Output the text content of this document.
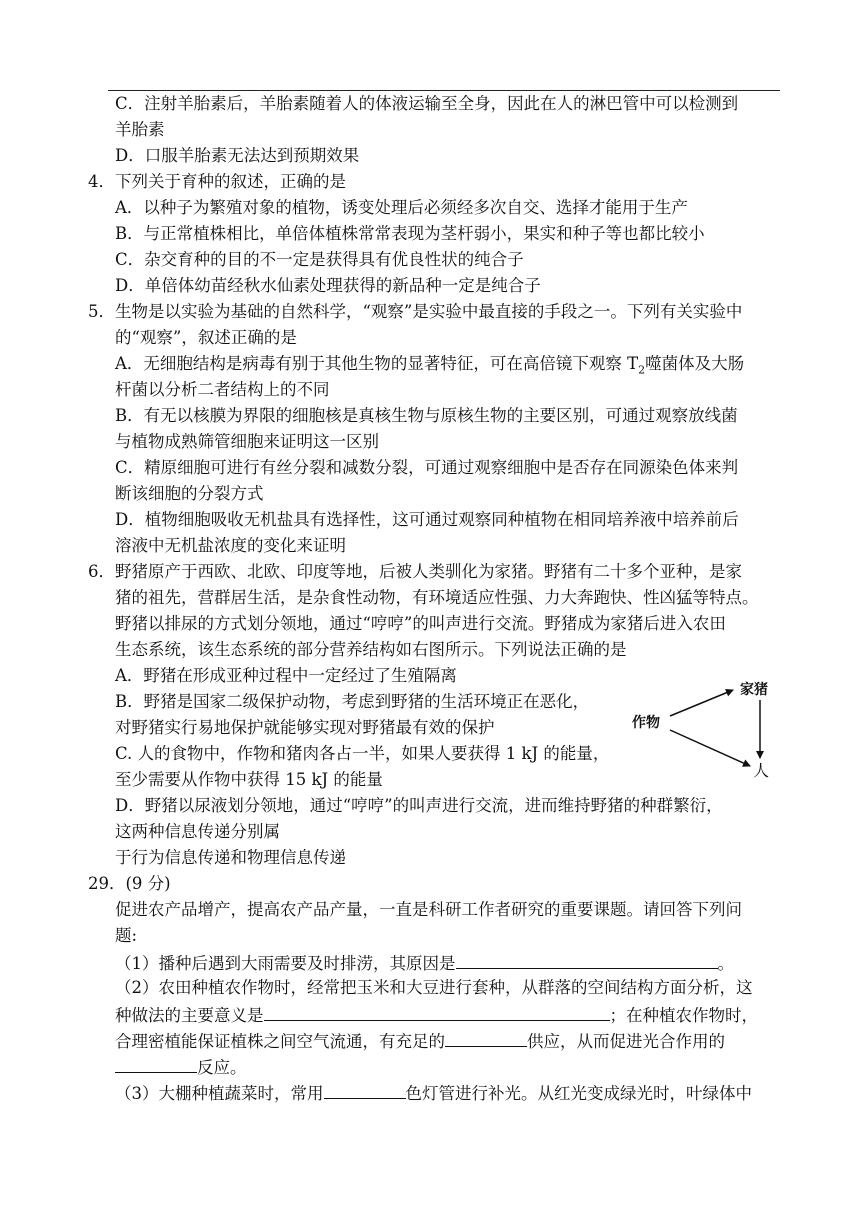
C．注射羊胎素后，羊胎素随着人的体液运输至全身，因此在人的淋巴管中可以检测到
羊胎素
D．口服羊胎素无法达到预期效果
4．下列关于育种的叙述，正确的是
A．以种子为繁殖对象的植物，诱变处理后必须经多次自交、选择才能用于生产
B．与正常植株相比，单倍体植株常常表现为茎杆弱小，果实和种子等也都比较小
C．杂交育种的目的不一定是获得具有优良性状的纯合子
D．单倍体幼苗经秋水仙素处理获得的新品种一定是纯合子
5．生物是以实验为基础的自然科学，“观察”是实验中最直接的手段之一。下列有关实验中
的“观察”，叙述正确的是
A．无细胞结构是病毒有别于其他生物的显著特征，可在高倍镜下观察 $T_2$噬菌体及大肠
杆菌以分析二者结构上的不同
B．有无以核膜为界限的细胞核是真核生物与原核生物的主要区别，可通过观察放线菌
与植物成熟筛管细胞来证明这一区别
C．精原细胞可进行有丝分裂和减数分裂，可通过观察细胞中是否存在同源染色体来判
断该细胞的分裂方式
D．植物细胞吸收无机盐具有选择性，这可通过观察同种植物在相同培养液中培养前后
溶液中无机盐浓度的变化来证明
6．野猪原产于西欧、北欧、印度等地，后被人类驯化为家猪。野猪有二十多个亚种，是家
猪的祖先，营群居生活，是杂食性动物，有环境适应性强、力大奔跑快、性凶猛等特点。
野猪以排尿的方式划分领地，通过“哼哼”的叫声进行交流。野猪成为家猪后进入农田
生态系统，该生态系统的部分营养结构如右图所示。下列说法正确的是
A．野猪在形成亚种过程中一定经过了生殖隔离
B．野猪是国家二级保护动物，考虑到野猪的生活环境正在恶化，
对野猪实行易地保护就能够实现对野猪最有效的保护
C. 人的食物中，作物和猪肉各占一半，如果人要获得 1 kJ 的能量，
至少需要从作物中获得 15 kJ 的能量
D．野猪以尿液划分领地，通过“哼哼”的叫声进行交流，进而维持野猪的种群繁衍，
这两种信息传递分别属
于行为信息传递和物理信息传递
作物
家猪
人
29．(9 分)
促进农产品增产，提高农产品产量，一直是科研工作者研究的重要课题。请回答下列问
题:
（1）播种后遇到大雨需要及时排涝，其原因是	。
（2）农田种植农作物时，经常把玉米和大豆进行套种，从群落的空间结构方面分析，这
种做法的主要意义是	；在种植农作物时，
合理密植能保证植株之间空气流通，有充足的	供应，从而促进光合作用的
反应。
（3）大棚种植蔬菜时，常用	色灯管进行补光。从红光变成绿光时，叶绿体中
